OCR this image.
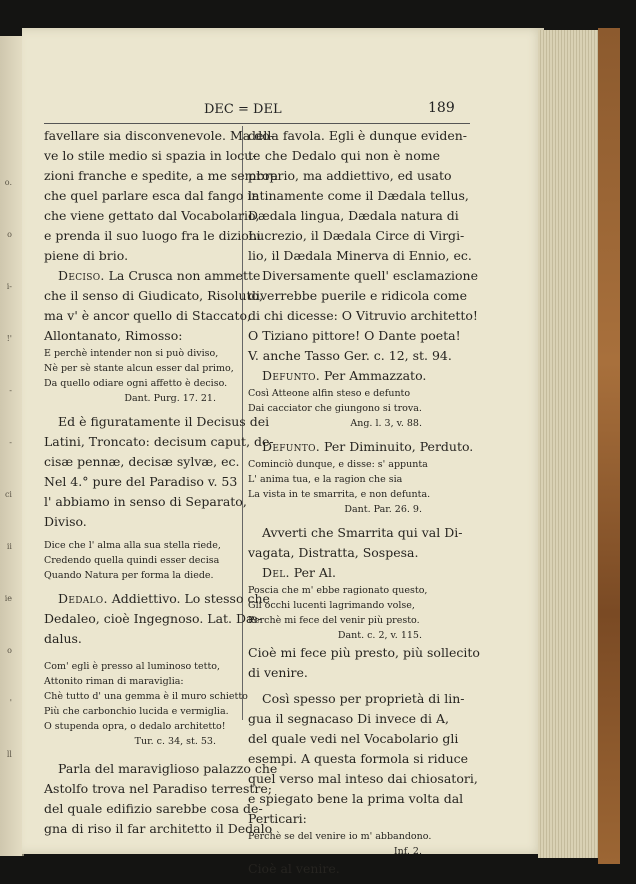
o.
o
i-
!'
-
-
ci
ii
ie
o
'
ll
DEC = DEL	189
favellare sia disconvenevole. Ma do-
ve lo stile medio si spazia in locu-
zioni franche e spedite, a me sembra
che quel parlare esca dal fango in
che viene gettato dal Vocabolario,
e prenda il suo luogo fra le dizioni
piene di brio.
Deciso. La Crusca non ammette
che il senso di Giudicato, Risoluto,
ma v' è ancor quello di Staccato,
Allontanato, Rimosso:
E perchè intender non si può diviso,
Nè per sè stante alcun esser dal primo,
Da quello odiare ogni affetto è deciso.
Dant. Purg. 17. 21.
Ed è figuratamente il Decisus dei
Latini, Troncato: decisum caput, de-
cisæ pennæ, decisæ sylvæ, ec.
Nel 4.° pure del Paradiso v. 53
l' abbiamo in senso di Separato,
Diviso.
Dice che l' alma alla sua stella riede,
Credendo quella quindi esser decisa
Quando Natura per forma la diede.
Dedalo. Addiettivo. Lo stesso che
Dedaleo, cioè Ingegnoso. Lat. Dæ-
dalus.
Com' egli è presso al luminoso tetto,
Attonito riman di maraviglia:
Chè tutto d' una gemma è il muro schietto
Più che carbonchio lucida e vermiglia.
O stupenda opra, o dedalo architetto!
Tur. c. 34, st. 53.
Parla del maraviglioso palazzo che
Astolfo trova nel Paradiso terrestre;
del quale edifizio sarebbe cosa de-
gna di riso il far architetto il Dedalo
della favola. Egli è dunque eviden-
te che Dedalo qui non è nome
proprio, ma addiettivo, ed usato
latinamente come il Dædala tellus,
Dædala lingua, Dædala natura di
Lucrezio, il Dædala Circe di Virgi-
lio, il Dædala Minerva di Ennio, ec.
Diversamente quell' esclamazione
diverrebbe puerile e ridicola come
di chi dicesse: O Vitruvio architetto!
O Tiziano pittore! O Dante poeta!
V. anche Tasso Ger. c. 12, st. 94.
Defunto. Per Ammazzato.
Così Atteone alfin steso e defunto
Dai cacciator che giungono si trova.
Ang. l. 3, v. 88.
Defunto. Per Diminuito, Perduto.
Cominciò dunque, e disse: s' appunta
L' anima tua, e la ragion che sia
La vista in te smarrita, e non defunta.
Dant. Par. 26. 9.
Avverti che Smarrita qui val Di-
vagata, Distratta, Sospesa.
Del. Per Al.
Poscia che m' ebbe ragionato questo,
Gli occhi lucenti lagrimando volse,
Perchè mi fece del venir più presto.
Dant. c. 2, v. 115.
Cioè mi fece più presto, più sollecito
di venire.
Così spesso per proprietà di lin-
gua il segnacaso Di invece di A,
del quale vedi nel Vocabolario gli
esempi. A questa formola si riduce
quel verso mal inteso dai chiosatori,
e spiegato bene la prima volta dal
Perticari:
Perchè se del venire io m' abbandono.
Inf. 2.
Cioè al venire.
